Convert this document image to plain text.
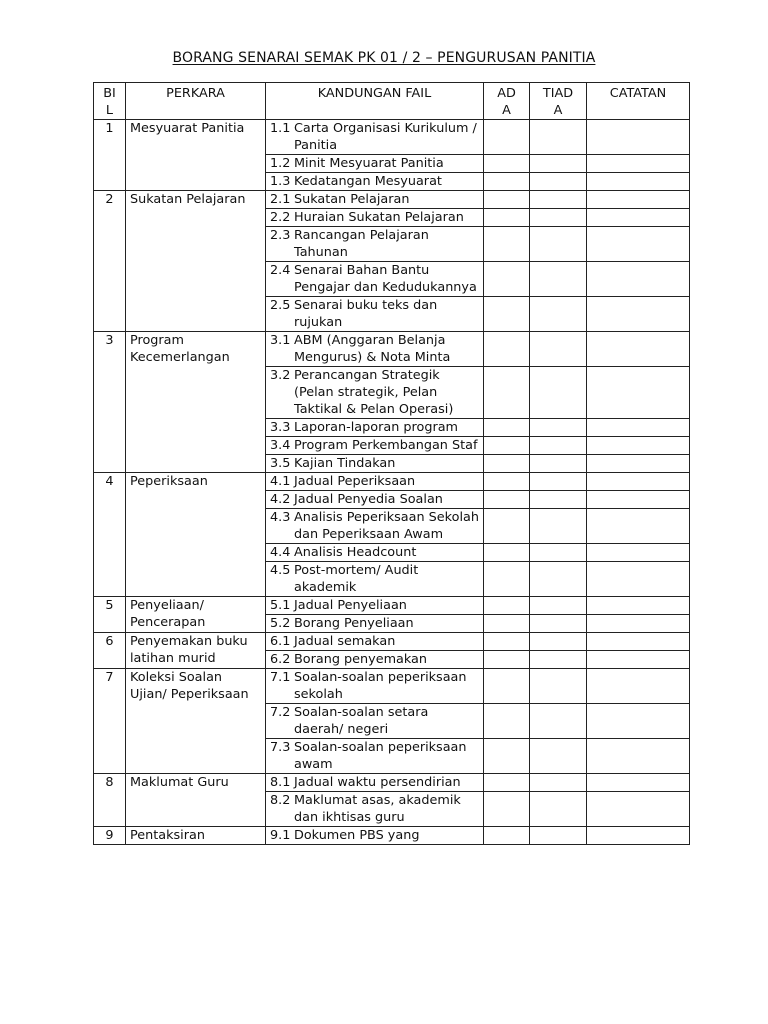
BORANG SENARAI SEMAK PK 01 / 2 – PENGURUSAN PANITIA
BI L	PERKARA	KANDUNGAN FAIL	AD A	TIAD A	CATATAN
1	Mesyuarat Panitia	1.1 Carta Organisasi Kurikulum / Panitia			

		1.2 Minit Mesyuarat Panitia			

		1.3 Kedatangan Mesyuarat			

2	Sukatan Pelajaran	2.1 Sukatan Pelajaran			

		2.2 Huraian Sukatan Pelajaran			

		2.3 Rancangan Pelajaran Tahunan			

		2.4 Senarai Bahan Bantu Pengajar dan Kedudukannya			

		2.5 Senarai buku teks dan rujukan			

3	Program Kecemerlangan	3.1 ABM (Anggaran Belanja Mengurus) & Nota Minta			

		3.2 Perancangan Strategik (Pelan strategik, Pelan Taktikal & Pelan Operasi)			

		3.3 Laporan-laporan program			

		3.4 Program Perkembangan Staf			

		3.5 Kajian Tindakan			

4	Peperiksaan	4.1 Jadual Peperiksaan			

		4.2 Jadual Penyedia Soalan			

		4.3 Analisis Peperiksaan Sekolah dan Peperiksaan Awam			

		4.4 Analisis Headcount			

		4.5 Post-mortem/ Audit akademik			

5	Penyeliaan/ Pencerapan	5.1 Jadual Penyeliaan			

		5.2 Borang Penyeliaan			

6	Penyemakan buku latihan murid	6.1 Jadual semakan			

		6.2 Borang penyemakan			

7	Koleksi Soalan Ujian/ Peperiksaan	7.1 Soalan-soalan peperiksaan sekolah			

		7.2 Soalan-soalan setara daerah/ negeri			

		7.3 Soalan-soalan peperiksaan awam			

8	Maklumat Guru	8.1 Jadual waktu persendirian			

		8.2 Maklumat asas, akademik dan ikhtisas guru			

9	Pentaksiran	9.1 Dokumen PBS yang			
